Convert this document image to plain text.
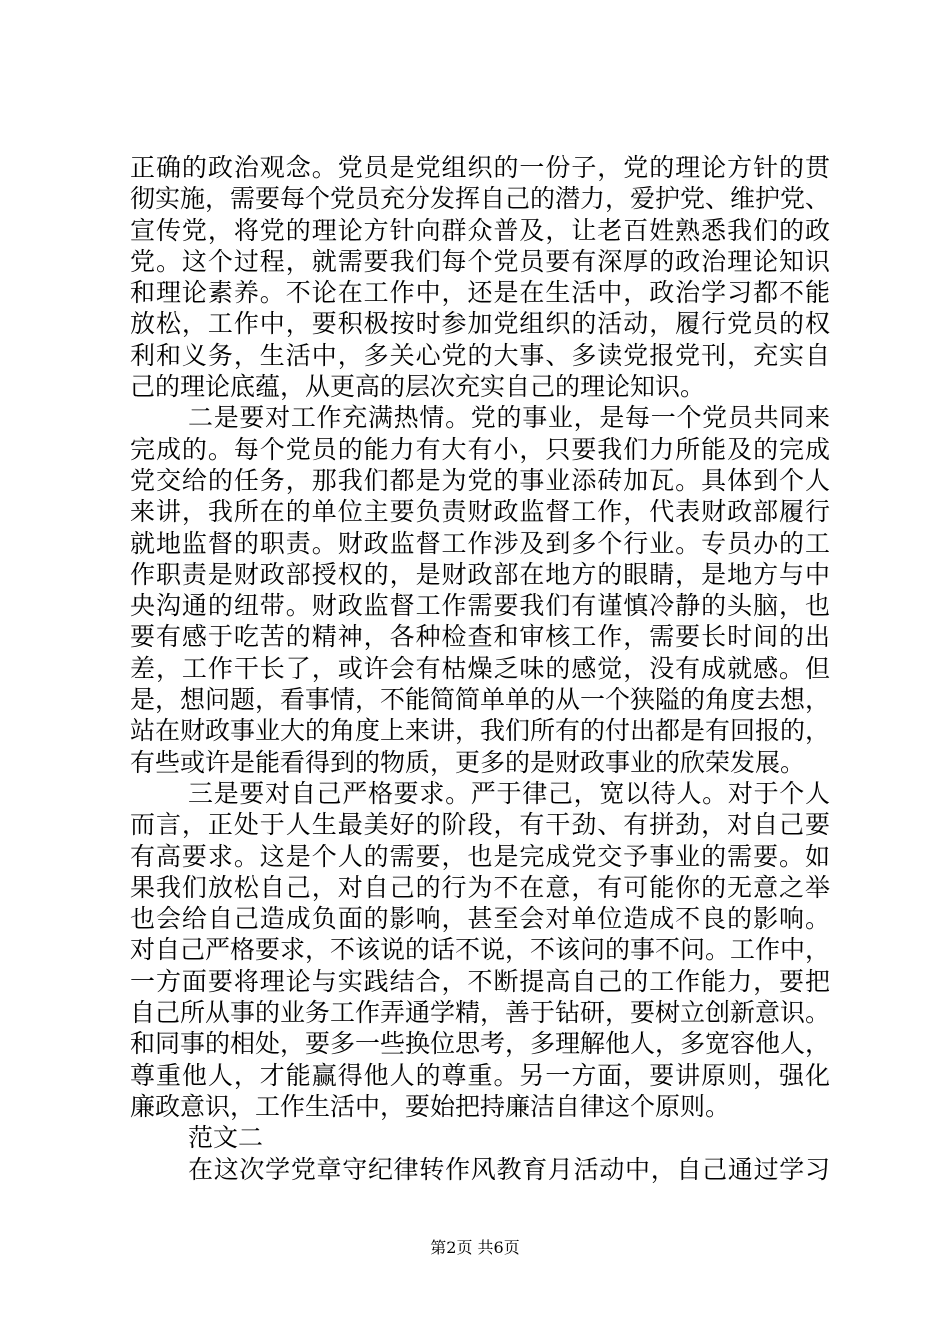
正确的政治观念。党员是党组织的一份子，党的理论方针的贯
彻实施，需要每个党员充分发挥自己的潜力，爱护党、维护党、
宣传党，将党的理论方针向群众普及，让老百姓熟悉我们的政
党。这个过程，就需要我们每个党员要有深厚的政治理论知识
和理论素养。不论在工作中，还是在生活中，政治学习都不能
放松，工作中，要积极按时参加党组织的活动，履行党员的权
利和义务，生活中，多关心党的大事、多读党报党刊，充实自
己的理论底蕴，从更高的层次充实自己的理论知识。
二是要对工作充满热情。党的事业，是每一个党员共同来
完成的。每个党员的能力有大有小，只要我们力所能及的完成
党交给的任务，那我们都是为党的事业添砖加瓦。具体到个人
来讲，我所在的单位主要负责财政监督工作，代表财政部履行
就地监督的职责。财政监督工作涉及到多个行业。专员办的工
作职责是财政部授权的，是财政部在地方的眼睛，是地方与中
央沟通的纽带。财政监督工作需要我们有谨慎冷静的头脑，也
要有感于吃苦的精神，各种检查和审核工作，需要长时间的出
差，工作干长了，或许会有枯燥乏味的感觉，没有成就感。但
是，想问题，看事情，不能简简单单的从一个狭隘的角度去想，
站在财政事业大的角度上来讲，我们所有的付出都是有回报的，
有些或许是能看得到的物质，更多的是财政事业的欣荣发展。
三是要对自己严格要求。严于律己，宽以待人。对于个人
而言，正处于人生最美好的阶段，有干劲、有拼劲，对自己要
有高要求。这是个人的需要，也是完成党交予事业的需要。如
果我们放松自己，对自己的行为不在意，有可能你的无意之举
也会给自己造成负面的影响，甚至会对单位造成不良的影响。
对自己严格要求，不该说的话不说，不该问的事不问。工作中，
一方面要将理论与实践结合，不断提高自己的工作能力，要把
自己所从事的业务工作弄通学精，善于钻研，要树立创新意识。
和同事的相处，要多一些换位思考，多理解他人，多宽容他人，
尊重他人，才能赢得他人的尊重。另一方面，要讲原则，强化
廉政意识，工作生活中，要始把持廉洁自律这个原则。
范文二
在这次学党章守纪律转作风教育月活动中，自己通过学习
第2页 共6页
